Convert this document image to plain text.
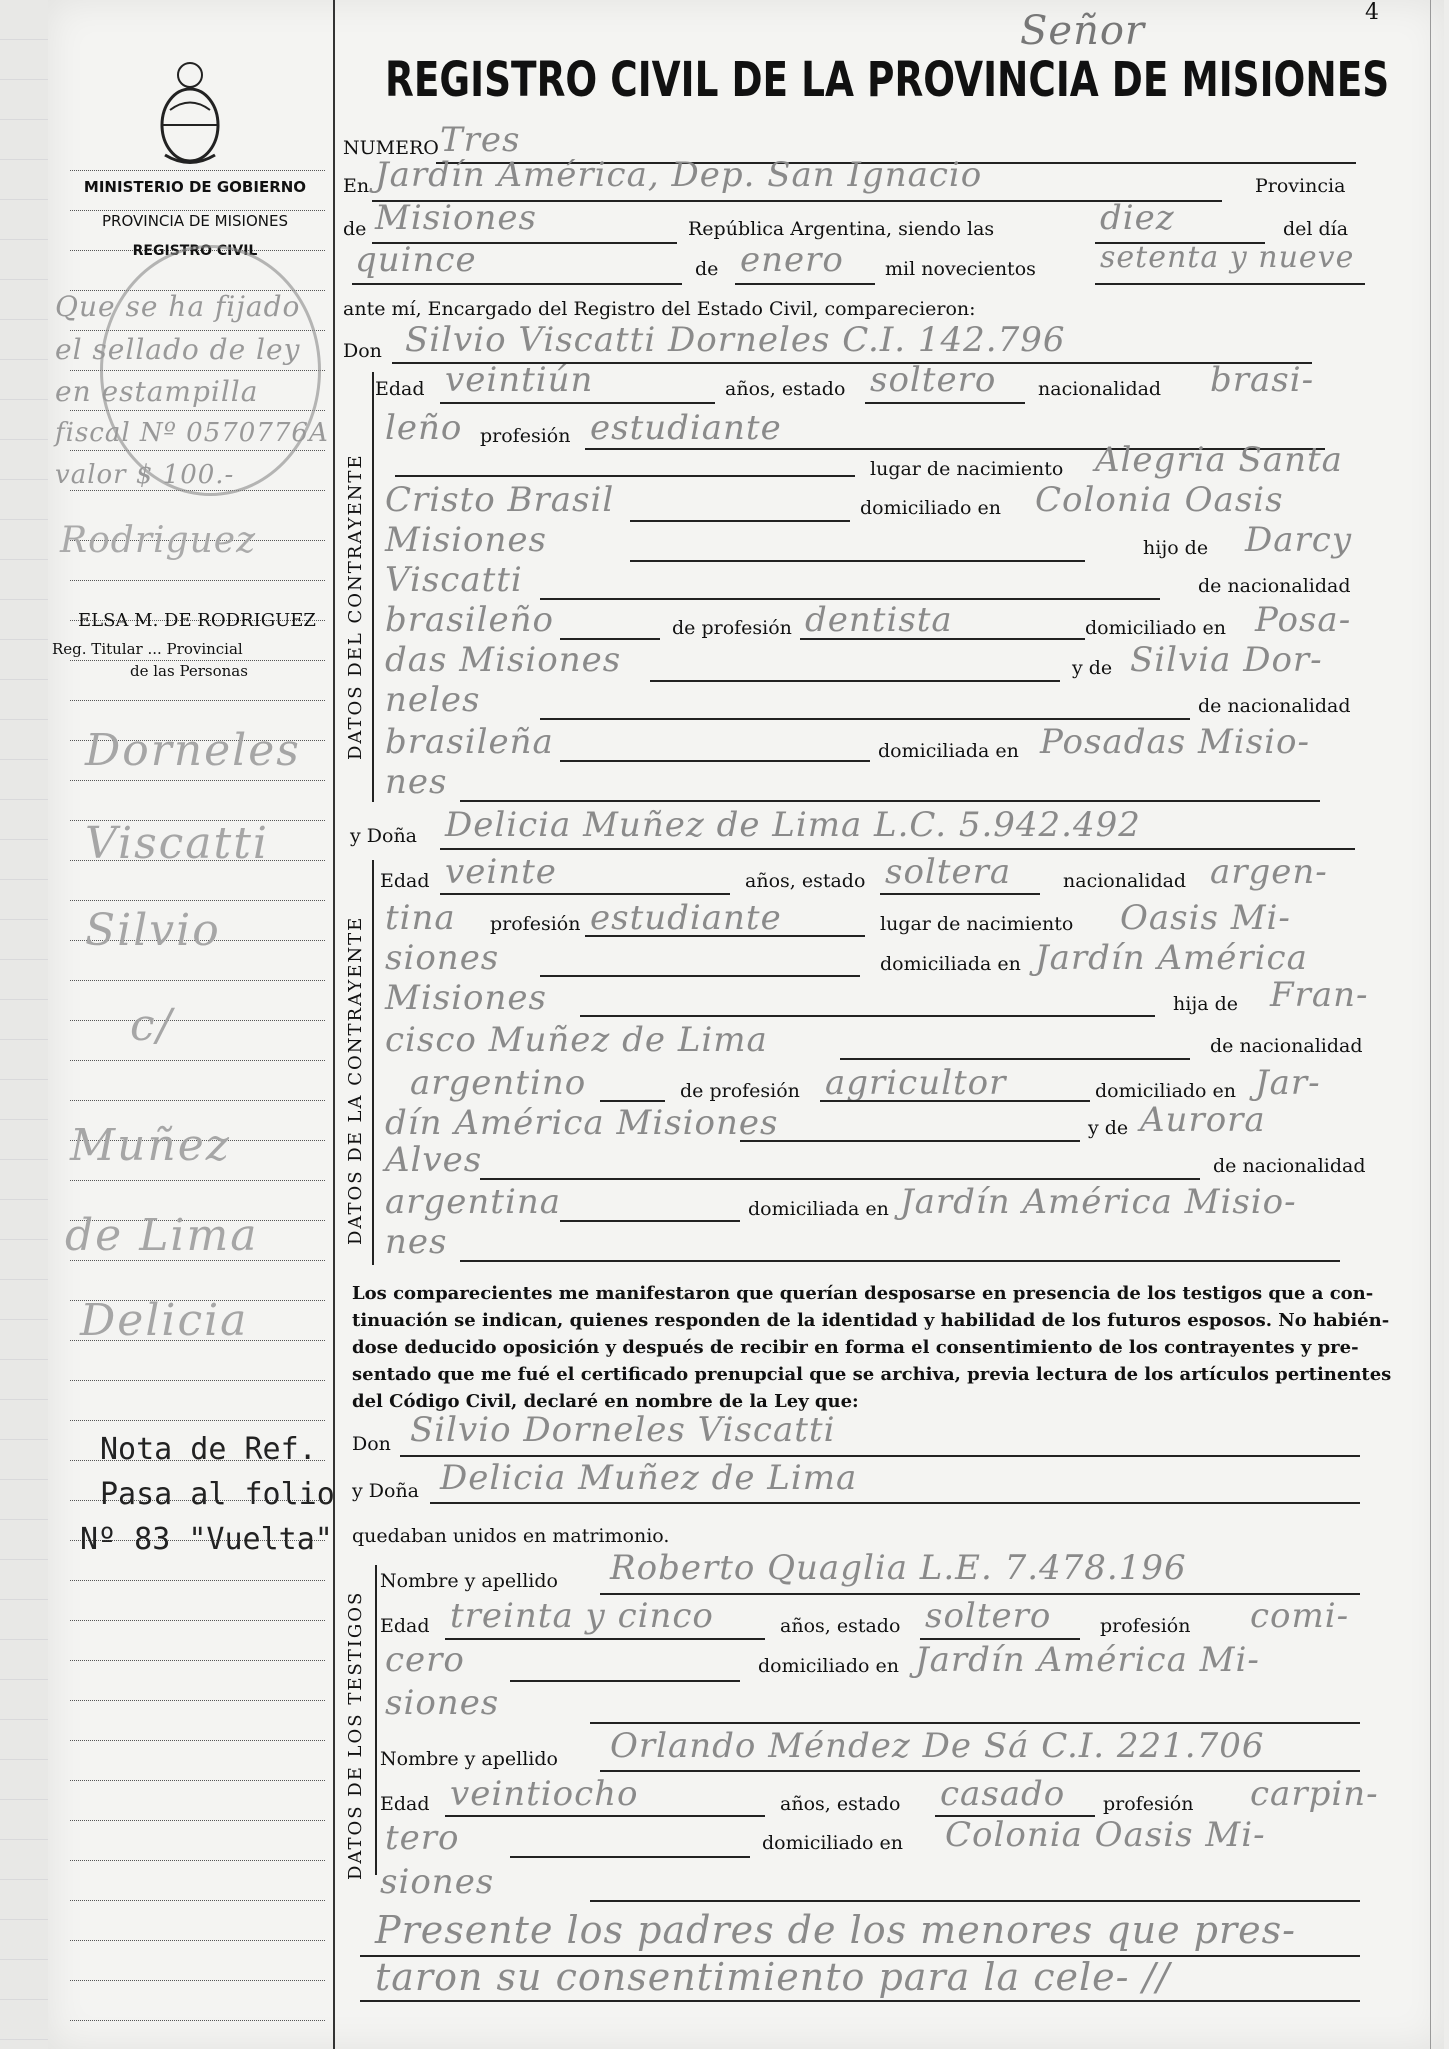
MINISTERIO DE GOBIERNO
PROVINCIA DE MISIONES
REGISTRO CIVIL
REGISTRO CIVIL DE LA PROVINCIA DE MISIONES
Señor	4
Que se ha fijado
el sellado de ley
en estampilla
fiscal Nº 0570776A
valor $ 100.-
Rodriguez
ELSA M. DE RODRIGUEZ
Reg. Titular ... Provincial
de las Personas
Dorneles
Viscatti
Silvio
c/
Muñez
de Lima
Delicia
Nota de Ref.
Pasa al folio
Nº 83 "Vuelta"
NUMERO Tres
En Jardín América, Dep. San Ignacio	Provincia
de Misiones	República Argentina, siendo las	diez	del día
quince	de enero mil novecientos setenta y nueve
ante mí, Encargado del Registro del Estado Civil, comparecieron:
Don Silvio Viscatti Dorneles C.I. 142.796
DATOS DEL CONTRAYENTE
Edad veintiún	años, estado soltero nacionalidad brasi-
leño profesión estudiante
lugar de nacimiento Alegria Santa
Cristo Brasil	domiciliado en Colonia Oasis
Misiones	hijo de Darcy
Viscatti	de nacionalidad
brasileño	de profesión dentista	domiciliado en Posa-
das Misiones	y de Silvia Dor-
neles	de nacionalidad
brasileña	domiciliada en Posadas Misio-
nes
y Doña Delicia Muñez de Lima L.C. 5.942.492
DATOS DE LA CONTRAYENTE
Edad veinte	años, estado soltera	nacionalidad argen-
tina profesión estudiante	lugar de nacimiento Oasis Mi-
siones	domiciliada en Jardín América
Misiones	hija de Fran-
cisco Muñez de Lima	de nacionalidad
argentino	de profesión agricultor	domiciliado en Jar-
dín América Misiones	y de Aurora
Alves	de nacionalidad
argentina	domiciliada en Jardín América Misio-
nes
Los comparecientes me manifestaron que querían desposarse en presencia de los testigos que a con-
tinuación se indican, quienes responden de la identidad y habilidad de los futuros esposos. No habién-
dose deducido oposición y después de recibir en forma el consentimiento de los contrayentes y pre-
sentado que me fué el certificado prenupcial que se archiva, previa lectura de los artículos pertinentes
del Código Civil, declaré en nombre de la Ley que:
Don Silvio Dorneles Viscatti
y Doña Delicia Muñez de Lima
quedaban unidos en matrimonio.
DATOS DE LOS TESTIGOS
Nombre y apellido Roberto Quaglia L.E. 7.478.196
Edad treinta y cinco	años, estado soltero	profesión comi-
cero	domiciliado en Jardín América Mi-
siones
Nombre y apellido Orlando Méndez De Sá C.I. 221.706
Edad veintiocho	años, estado casado profesión carpin-
tero	domiciliado en Colonia Oasis Mi-
siones
Presente los padres de los menores que pres-
taron su consentimiento para la cele- //
